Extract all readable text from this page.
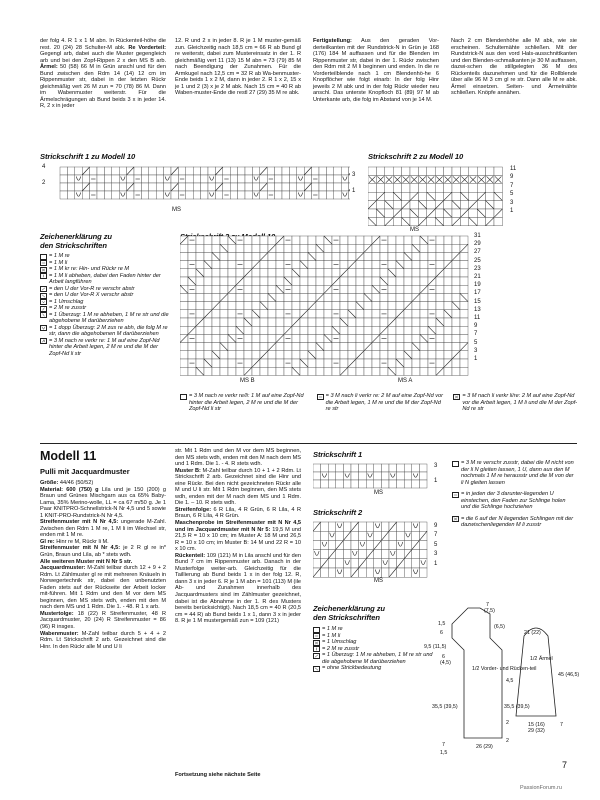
der folg 4. R 1 x 1 M abn. In Rückenteil-höhe die rest. 20 (24) 28 Schulter-M abk. Re Vorderteil: Gegengl arb, dabei auch die Muster gegengleich arb und bei den Zopf-Rippen 2 x den MS B arb. Ärmel: 50 (58) 66 M in Grün anschl und für den Bund zwischen den Rdm 14 (14) 12 cm im Rippenmuster str, dabei in der letzten Rückr gleichmäßig vert 26 M zun = 70 (78) 86 M. Dann im Wabenmuster weiterstr. Für die Ärmelschrägungen ab Bund beids 3 x in jeder 14. R, 2 x in jeder
12. R und 2 x in jeder 8. R je 1 M muster-gemäß zun. Gleichzeitig nach 18,5 cm = 66 R ab Bund gl re weiterstr, dabei zum Mustereinsatz in der 1. R gleichmäßig vert 11 (13) 15 M abn = 73 (79) 85 M nach Beendigung der Zunahmen. Für die Armkugel nach 12,5 cm = 32 R ab Wa-benmuster-Ende beids 1 x 2 M, dann in jeder 2. R 1 x 2, 15 x je 1 und 2 (3) x je 2 M abk. Nach 15 cm = 40 R ab Waben-muster-Ende die restl 27 (29) 35 M re abk.
Fertigstellung: Aus den geraden Vor-derteilkanten mit der Rundstrick-N in Grün je 168 (176) 184 M auffassen und für die Blenden im Rippenmuster str, dabei in der 1. Rückr zwischen den Rdm mit 2 M li beginnen und enden. In die re Vorderteilblende nach 1 cm Blendenhö-he 6 Knopflöcher wie folgt einarb: In der folg Hinr jeweils 2 M abk und in der folg Rückr wieder neu anschl. Das unterste Knopfloch 81 (89) 97 M ab Unterkante arb, die folg im Abstand von je 14 M.
Nach 2 cm Blendenhöhe alle M abk, wie sie erscheinen. Schultemähte schließen. Mit der Rundstrick-N aus den vord Hals-ausschnittkanten und den Blenden-schmalkanten je 30 M auffassen, dazwi-schen die stillgelegten 36 M des Rückenteils dazunehmen und für die Rollblende über alle 96 M 3 cm gl re str. Dann alle M re abk. Ärmel einsetzen. Seiten- und Ärmelnähte schließen. Knöpfe annähen.
Strickschrift 1 zu Modell 10	Strickschrift 2 zu Modell 10
4
2
3
1
MS
11
9
7
5
3
1
MS
Zeichenerklärung zu
den Strickschriften
= 1 M re
= 1 M li
= 1 M kr re: Hin- und Rückr re M
= 1 M li abheben, dabei den Faden hinter der Arbeit langführen
= den U der Vor-R re verschr abstr
= den U der Vor-R X verschr abstr
= 1 Umschlag
= 2 M re zusstr
= 1 Überzug: 1 M re abheben, 1 M re str und die abgehobene M darüberziehen
= 1 dopp Überzug: 2 M zus re abh, die folg M re str, dann die abgehobenen M darüberziehen
= 3 M nach re verkr re: 1 M auf eine Zopf-Nd hinter die Arbeit legen, 2 M re und die M der Zopf-Nd li str
31
29
27
25
23
21
19
17
15
13
11
9
7
5
3
1
MS B	MS A
= 3 M nach re verkr re/li: 1 M auf eine Zopf-Nd hinter die Arbeit legen, 2 M re und die M der Zopf-Nd li str
= 3 M nach li verkr re: 2 M auf eine Zopf-Nd vor die Arbeit legen, 1 M re und die M der Zopf-Nd re str
= 3 M nach li verkr li/re: 2 M auf eine Zopf-Nd vor die Arbeit legen, 1 M li und die M der Zopf-Nd re str
Modell 11
Pulli mit Jacquardmuster
Größe: 44/46 (50/52)
Material: 600 (750) g Lila und je 150 (200) g Braun und Grünes Mischgarn aus ca 65% Baby-Lama, 35% Merino-wolle, LL = ca 67 m/50 g. Je 1 Paar KNITPRO-Schnellstrick-N Nr 4,5 und 5 sowie 1 KNIT-PRO-Rundstrick-N Nr 4,5.
Streifenmuster mit N Nr 4,5: ungerade M-Zahl. Zwischen den Rdm 1 M re, 1 M li im Wechsel str, enden mit 1 M re.
Gl re: Hinr re M, Rückr li M.
Streifenmuster mit N Nr 4,5: je 2 R gl re in* Grün, Braun und Lila, ab * stets wdh.
Alle weiteren Muster mit N Nr 5 str.
Jacquardmuster: M-Zahl teilbar durch 12 + 9 + 2 Rdm. Lt Zählmuster gl re mit mehreren Knäueln in Norwegertechnik str, dabei den unbenutzten Faden stets auf der Rückseite der Arbeit locker mit-führen. Mit 1 Rdm und den M vor dem MS beginnen, den MS stets wdh, enden mit den M nach dem MS und 1 Rdm. Die 1. - 48. R 1 x arb.
Mustertolge: 18 (22) R Streifenmuster, 48 R Jacquardmuster, 20 (24) R Streifenmuster = 86 (96) R insges.
Wabenmuster: M-Zahl teilbar durch 5 + 4 + 2 Rdm. Lt Strickschrift 2 arb. Gezeichnet sind die Hinr. In den Rückr alle M und U li
str. Mit 1 Rdm und den M vor dem MS beginnen, den MS stets wdh, enden mit den M nach dem MS und 1 Rdm. Die 1. - 4. R stets wdh.
Muster B: M-Zahl teilbar durch 10 + 1 + 2 Rdm. Lt Strickschrift 2 arb. Gezeichnet sind die Hinr und eine Rückr. Bei den nicht gezeichneten Rückr alle M und U li str. Mit 1 Rdm beginnen, den MS stets wdh, enden mit der M nach dem MS und 1 Rdm. Die 1. – 10. R stets wdh.
Streifenfolge: 6 R Lila, 4 R Grün, 6 R Lila, 4 R Braun, 6 R Lila, 4 R Grün.
Maschenprobe im Streifenmuster mit N Nr 4,5 und im Jacquardmuster mit N Nr 5: 19,5 M und 21,5 R = 10 x 10 cm; im Muster A: 18 M und 26,5 R = 10 x 10 cm; im Muster B: 14 M und 22 R = 10 x 10 cm.
Rückenteil: 109 (121) M in Lila anschl und für den Bund 7 cm im Rippenmuster arb. Danach in der Musterfolge weiter-arb. Gleichzeitig für die Taillierung ab Bund beids 1 x in der folg 12. R, dann 3 x in jeder 6. R je 1 M abn = 101 (113) M (ile Ab- und Zunahmen innerhalb des Jacquardmusters sind im Zählmuster gezeichnet, dabei ist die Abnahme in der 1. R des Musters bereits berücksichtigt). Nach 18,5 cm = 40 R (20,5 cm = 44 R) ab Bund beids 1 x 1, dann 3 x in jeder 8. R je 1 M mustergemäß zun = 109 (121)
Fortsetzung siehe nächste Seite
Strickschrift 1
3
1
MS
Strickschrift 2
9
7
5
3
1
MS
= 3 M re verschr zusstr, dabei die M nicht von der li N gleiten lassen, 1 U, dann aus den M nochmals 1 M re herausstr und die M von der li N gleiten lassen
= in jeden der 3 darunter-liegenden U einstechen, den Faden zur Schlinge holen und die Schlinge hochziehen
= die 6 auf der N liegenden Schlingen mit der dazwischenliegenden M li zusstr
Zeichenerklärung zu
den Strickschriften
= 1 M re
= 1 M li
= 1 Umschlag
= 2 M re zusstr
= 1 Überzug: 1 M re abheben, 1 M re str und die abgehobene M darüberziehen
= ohne Strickbedeutung
7
(7,5)
1,5
6
9,5 (11,5)
(6,5)
6
(4,5)
21 (22)
35,5 (39,5)
1/2 Vorder- und Rücken-teil
4,5
35,5 (39,5)
15 (16)
1/2 Ärmel
45 (46,5)
26 (29)
2
7
1,5
2
29 (32)
7
7
PassionForum.ru
